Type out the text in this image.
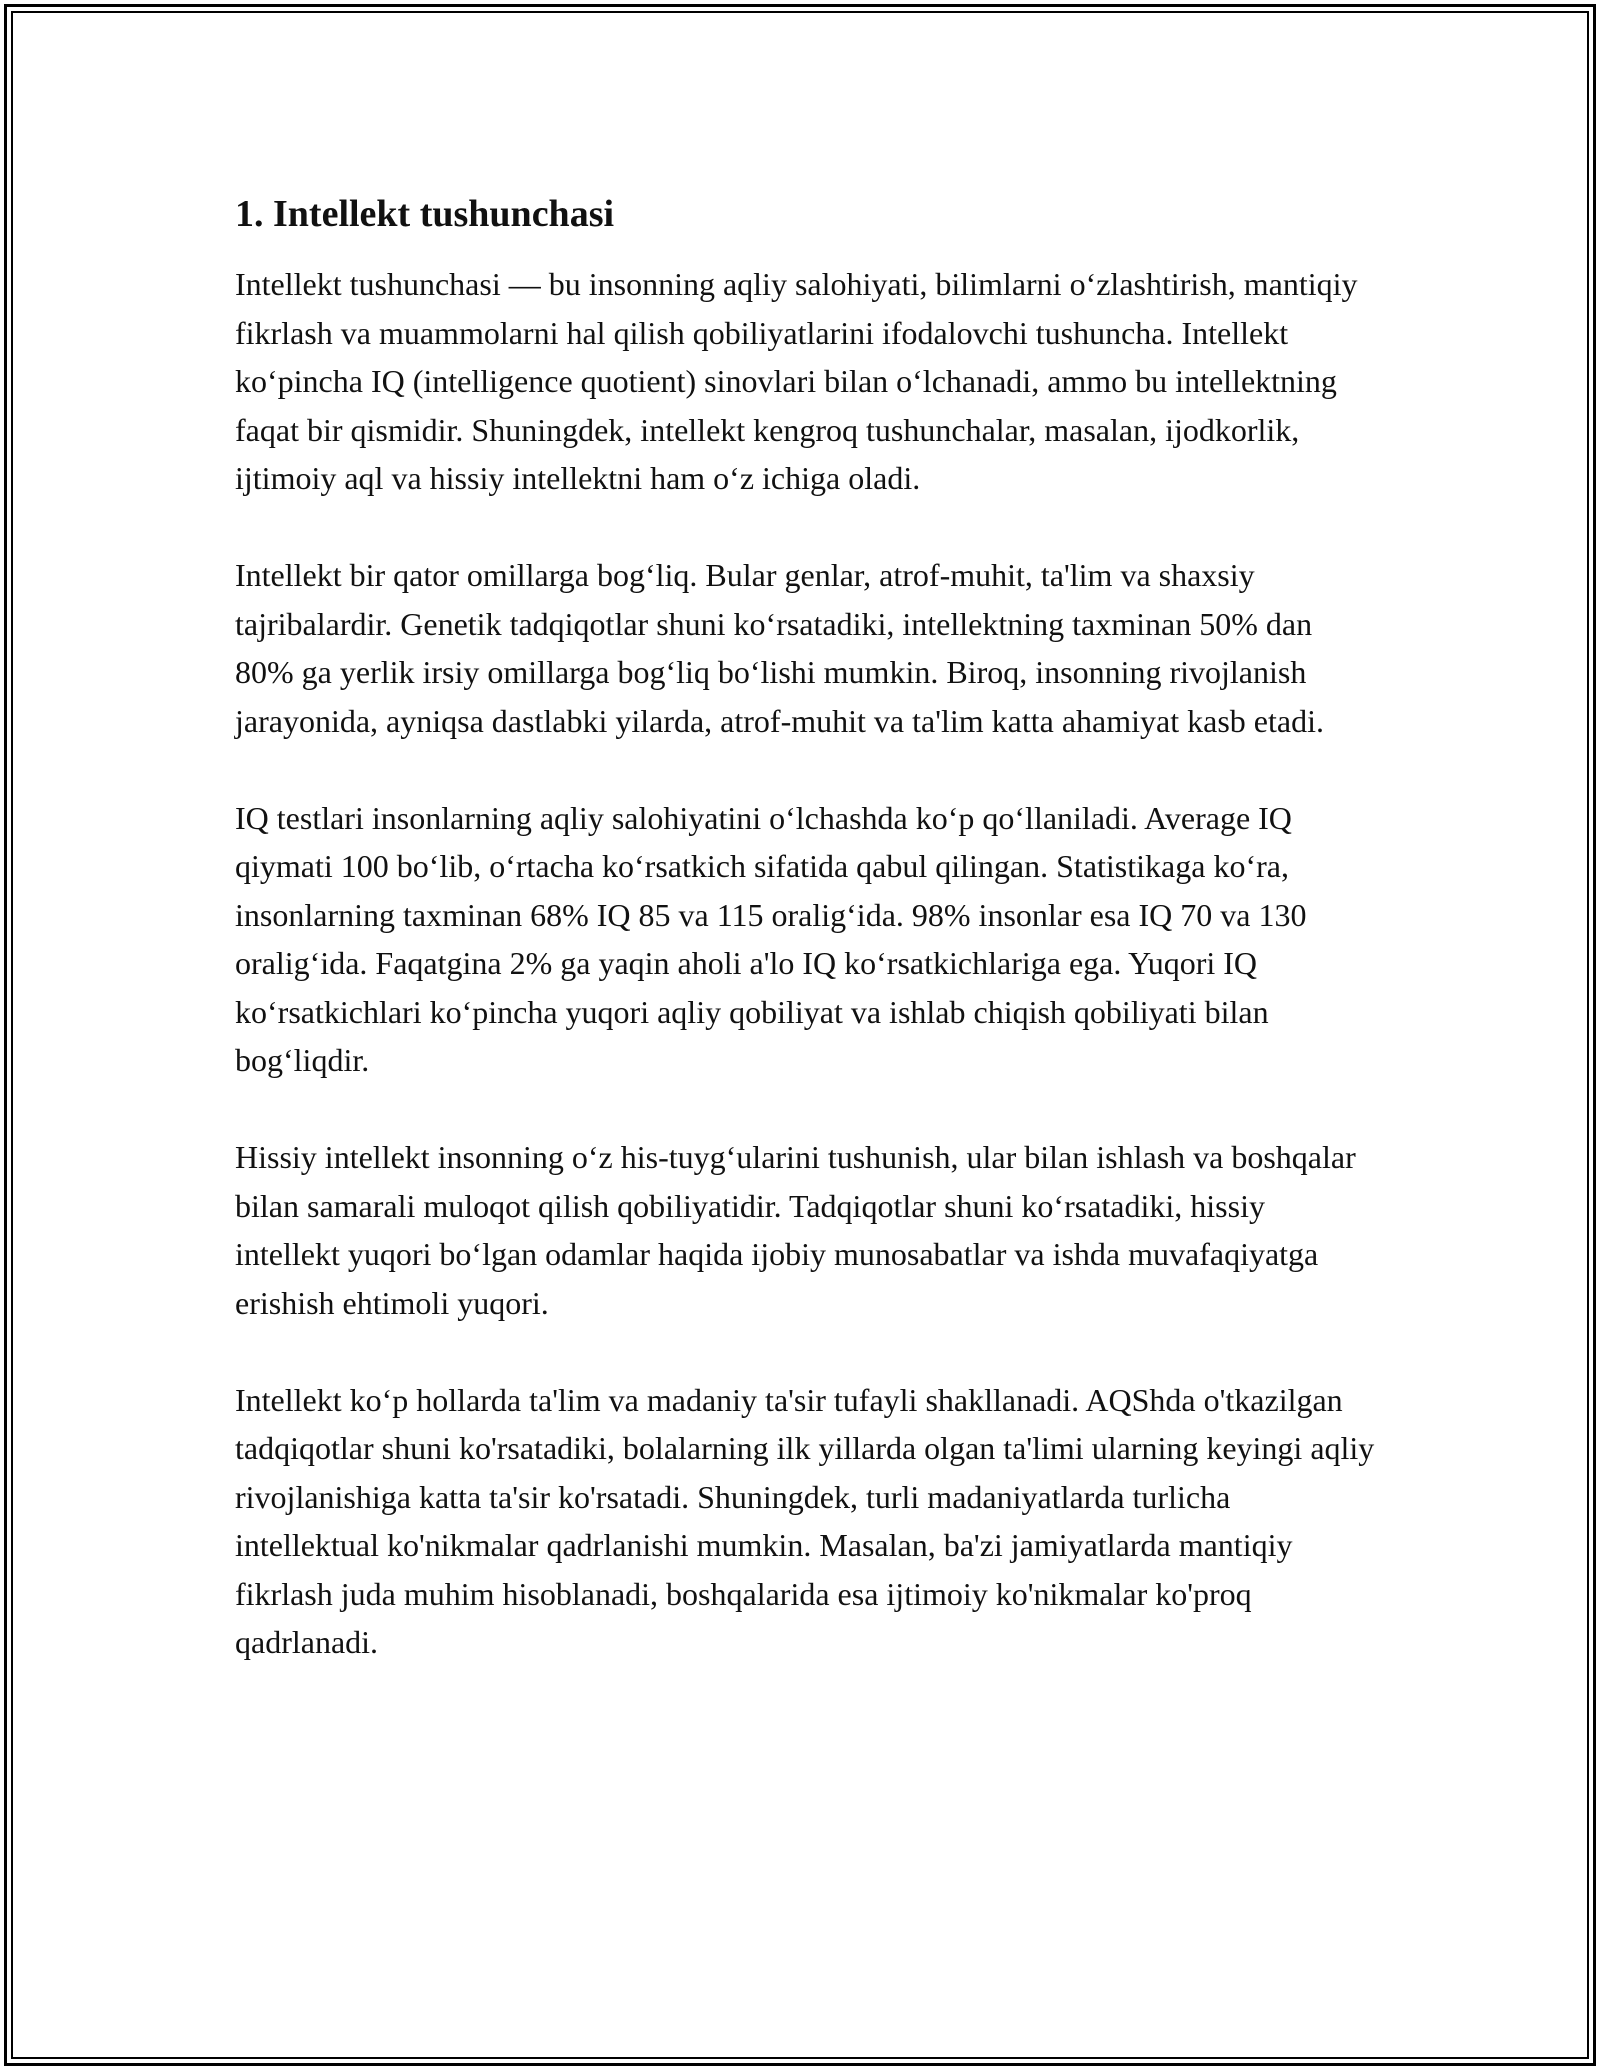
1. Intellekt tushunchasi

Intellekt tushunchasi — bu insonning aqliy salohiyati, bilimlarni o‘zlashtirish, mantiqiy fikrlash va muammolarni hal qilish qobiliyatlarini ifodalovchi tushuncha. Intellekt ko‘pincha IQ (intelligence quotient) sinovlari bilan o‘lchanadi, ammo bu intellektning faqat bir qismidir. Shuningdek, intellekt kengroq tushunchalar, masalan, ijodkorlik, ijtimoiy aql va hissiy intellektni ham o‘z ichiga oladi.

Intellekt bir qator omillarga bog‘liq. Bular genlar, atrof-muhit, ta'lim va shaxsiy tajribalardir. Genetik tadqiqotlar shuni ko‘rsatadiki, intellektning taxminan 50% dan 80% ga yerlik irsiy omillarga bog‘liq bo‘lishi mumkin. Biroq, insonning rivojlanish jarayonida, ayniqsa dastlabki yilarda, atrof-muhit va ta'lim katta ahamiyat kasb etadi.

IQ testlari insonlarning aqliy salohiyatini o‘lchashda ko‘p qo‘llaniladi. Average IQ qiymati 100 bo‘lib, o‘rtacha ko‘rsatkich sifatida qabul qilingan. Statistikaga ko‘ra, insonlarning taxminan 68% IQ 85 va 115 oralig‘ida. 98% insonlar esa IQ 70 va 130 oralig‘ida. Faqatgina 2% ga yaqin aholi a'lo IQ ko‘rsatkichlariga ega. Yuqori IQ ko‘rsatkichlari ko‘pincha yuqori aqliy qobiliyat va ishlab chiqish qobiliyati bilan bog‘liqdir.

Hissiy intellekt insonning o‘z his-tuyg‘ularini tushunish, ular bilan ishlash va boshqalar bilan samarali muloqot qilish qobiliyatidir. Tadqiqotlar shuni ko‘rsatadiki, hissiy intellekt yuqori bo‘lgan odamlar haqida ijobiy munosabatlar va ishda muvafaqiyatga erishish ehtimoli yuqori.

Intellekt ko‘p hollarda ta'lim va madaniy ta'sir tufayli shakllanadi. AQShda o'tkazilgan tadqiqotlar shuni ko'rsatadiki, bolalarning ilk yillarda olgan ta'limi ularning keyingi aqliy rivojlanishiga katta ta'sir ko'rsatadi. Shuningdek, turli madaniyatlarda turlicha intellektual ko'nikmalar qadrlanishi mumkin. Masalan, ba'zi jamiyatlarda mantiqiy fikrlash juda muhim hisoblanadi, boshqalarida esa ijtimoiy ko'nikmalar ko'proq qadrlanadi.
